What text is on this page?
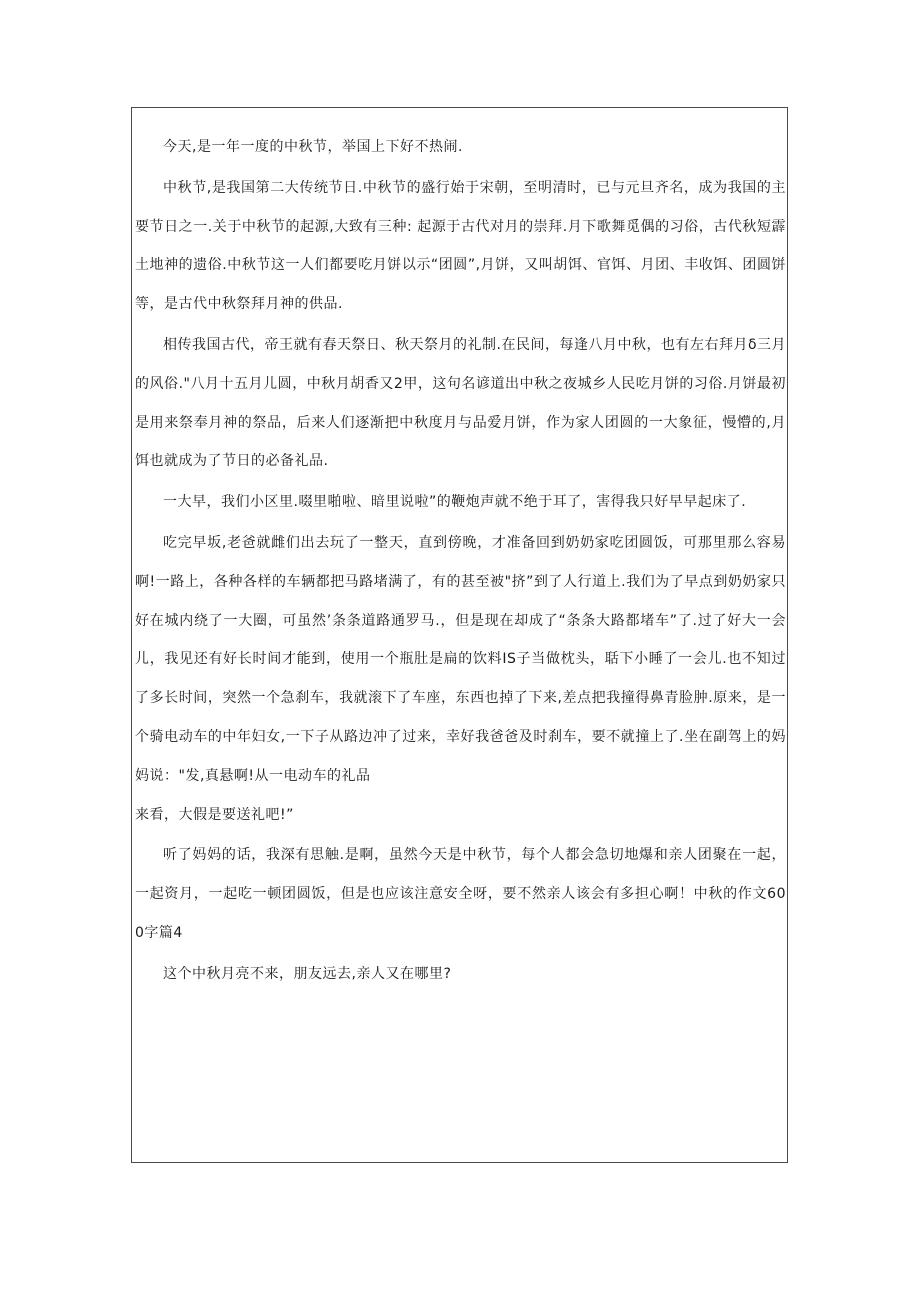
今天,是一年一度的中秋节，举国上下好不热闹.

中秋节,是我国第二大传统节日.中秋节的盛行始于宋朝，至明清时，已与元旦齐名，成为我国的主要节日之一.关于中秋节的起源,大致有三种: 起源于古代对月的崇拜.月下歌舞觅偶的习俗，古代秋短霹土地神的遗俗.中秋节这一人们都要吃月饼以示“团圆”,月饼，又叫胡饵、官饵、月团、丰收饵、团圆饼等，是古代中秋祭拜月神的供品.

相传我国古代，帝王就有春天祭日、秋天祭月的礼制.在民间，每逢八月中秋，也有左右拜月δ三月的风俗."八月十五月儿圆，中秋月胡香又2甲，这句名谚道出中秋之夜城乡人民吃月饼的习俗.月饼最初是用来祭奉月神的祭品，后来人们逐渐把中秋度月与品爱月饼，作为家人团圆的一大象征，慢懵的,月饵也就成为了节日的必备礼品.

一大早，我们小区里.啜里啪啦、暗里说啦”的鞭炮声就不绝于耳了，害得我只好早早起床了.

吃完早坂,老爸就雌们出去玩了一整天，直到傍晚，才准备回到奶奶家吃团圆饭，可那里那么容易啊!一路上，各种各样的车辆都把马路堵满了，有的甚至被"挤”到了人行道上.我们为了早点到奶奶家只好在城内绕了一大圈，可虽然’条条道路通罗马.，但是现在却成了“条条大路都堵车”了.过了好大一会儿，我见还有好长时间才能到，使用一个瓶肚是扁的饮料IS子当做枕头，聒下小睡了一会儿.也不知过了多长时间，突然一个急刹车，我就滚下了车座，东西也掉了下来,差点把我撞得鼻青脸肿.原来，是一个骑电动车的中年妇女,一下子从路边冲了过来，幸好我爸爸及时刹车，要不就撞上了.坐在副驾上的妈妈说："发,真悬啊!从一电动车的礼品

来看，大假是要送礼吧!”

听了妈妈的话，我深有思触.是啊，虽然今天是中秋节，每个人都会急切地爆和亲人团聚在一起，一起资月，一起吃一顿团圆饭，但是也应该注意安全呀，要不然亲人该会有多担心啊！中秋的作文600字篇4

这个中秋月亮不来，朋友远去,亲人又在哪里?
